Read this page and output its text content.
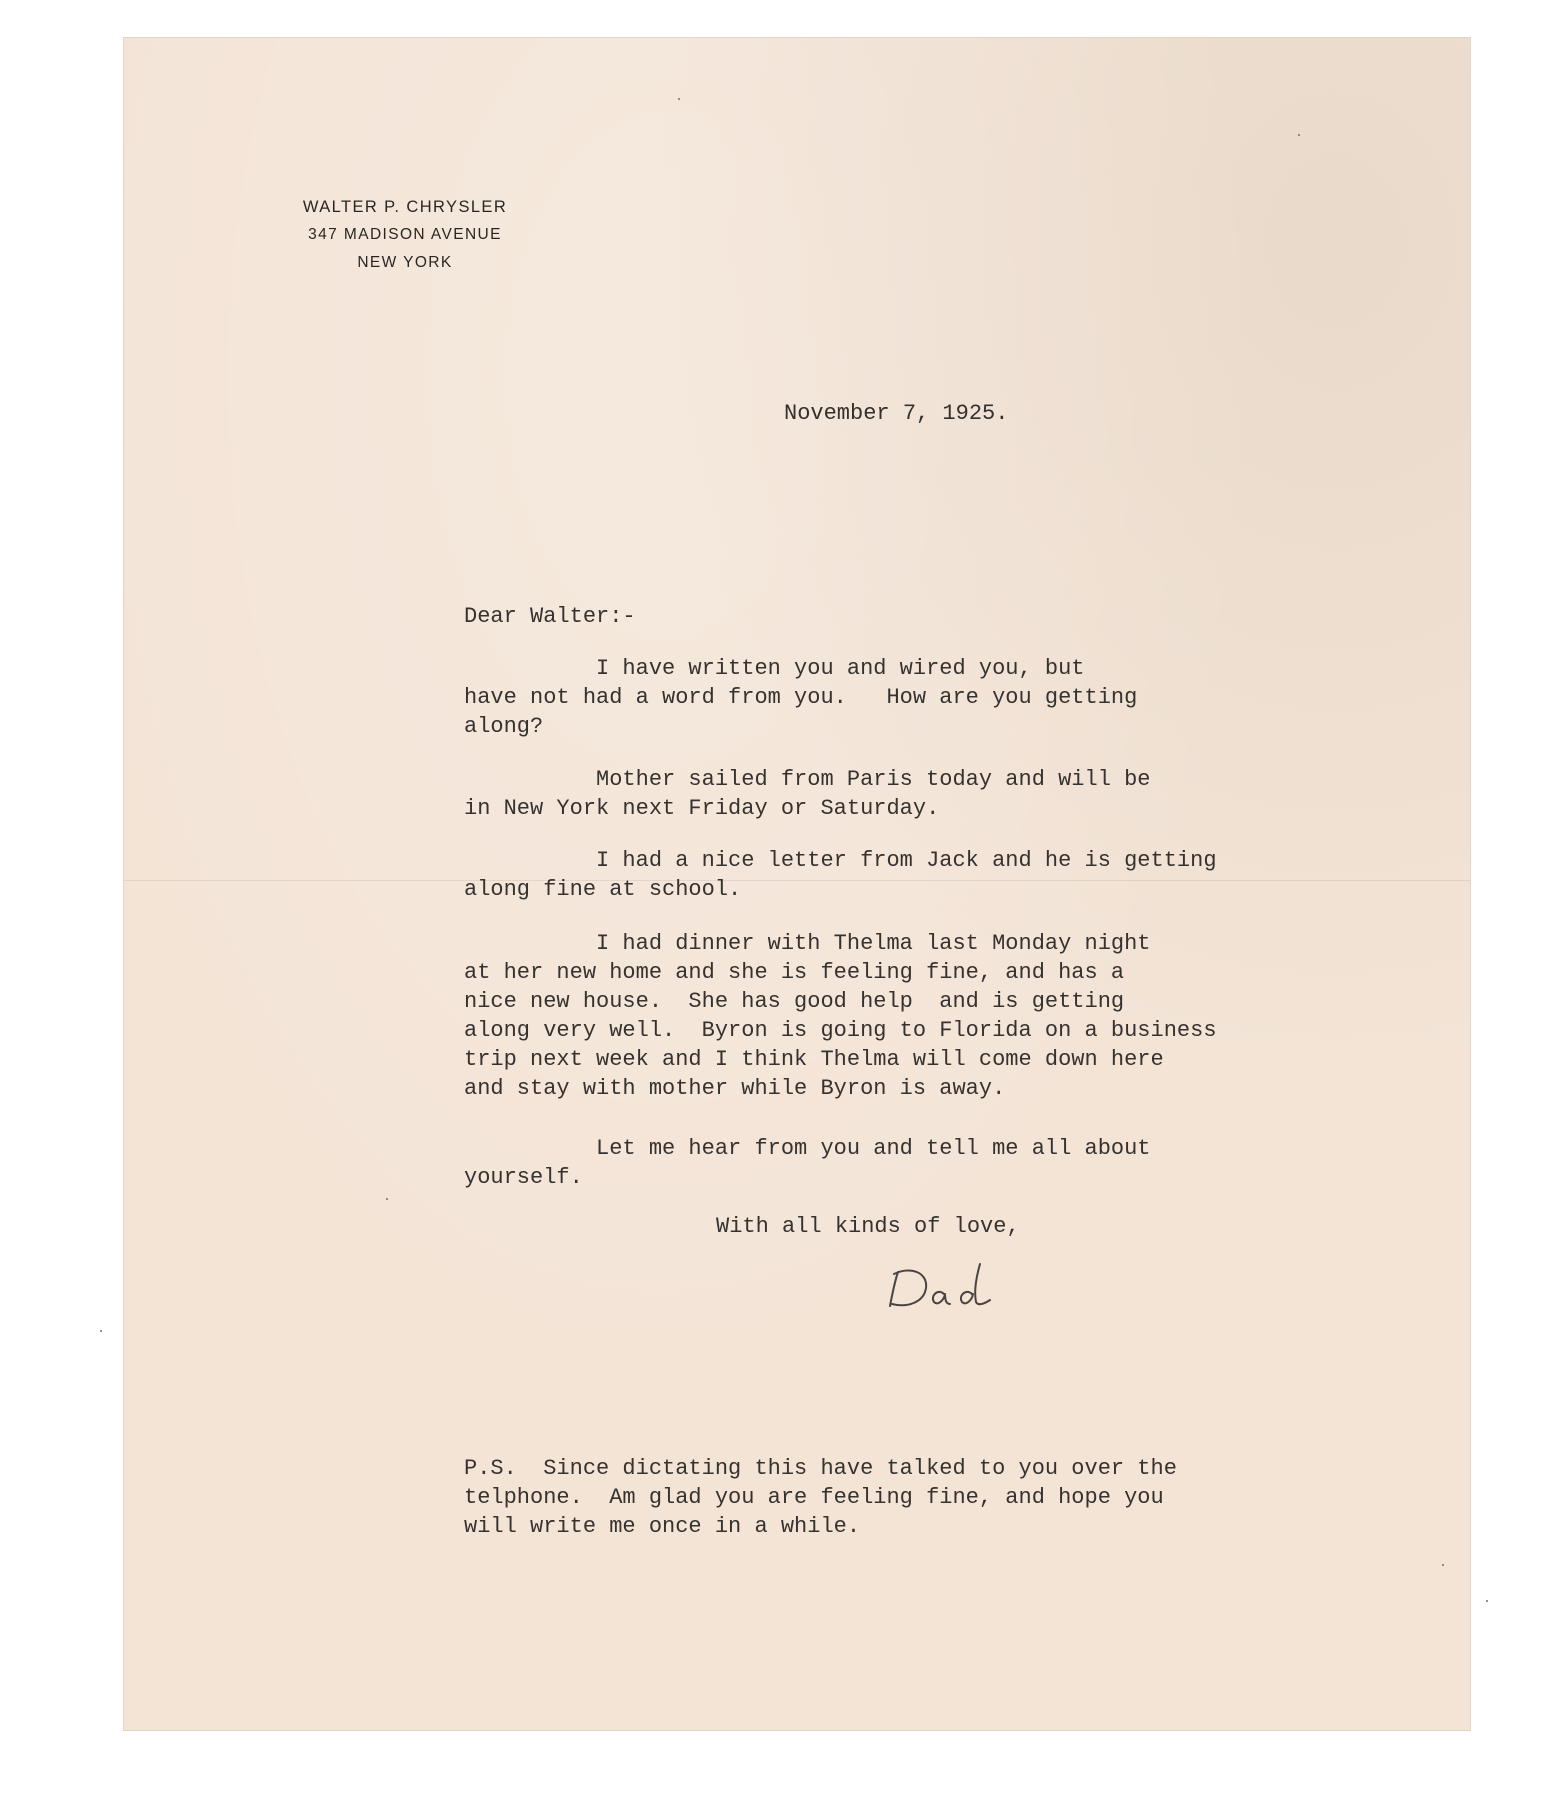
WALTER P. CHRYSLER
347 MADISON AVENUE
NEW YORK
November 7, 1925.
Dear Walter:-
I have written you and wired you, but
have not had a word from you.   How are you getting
along?
Mother sailed from Paris today and will be
in New York next Friday or Saturday.
I had a nice letter from Jack and he is getting
along fine at school.
I had dinner with Thelma last Monday night
at her new home and she is feeling fine, and has a
nice new house.  She has good help  and is getting
along very well.  Byron is going to Florida on a business
trip next week and I think Thelma will come down here
and stay with mother while Byron is away.
Let me hear from you and tell me all about
yourself.
With all kinds of love,
P.S.  Since dictating this have talked to you over the
telphone.  Am glad you are feeling fine, and hope you
will write me once in a while.
